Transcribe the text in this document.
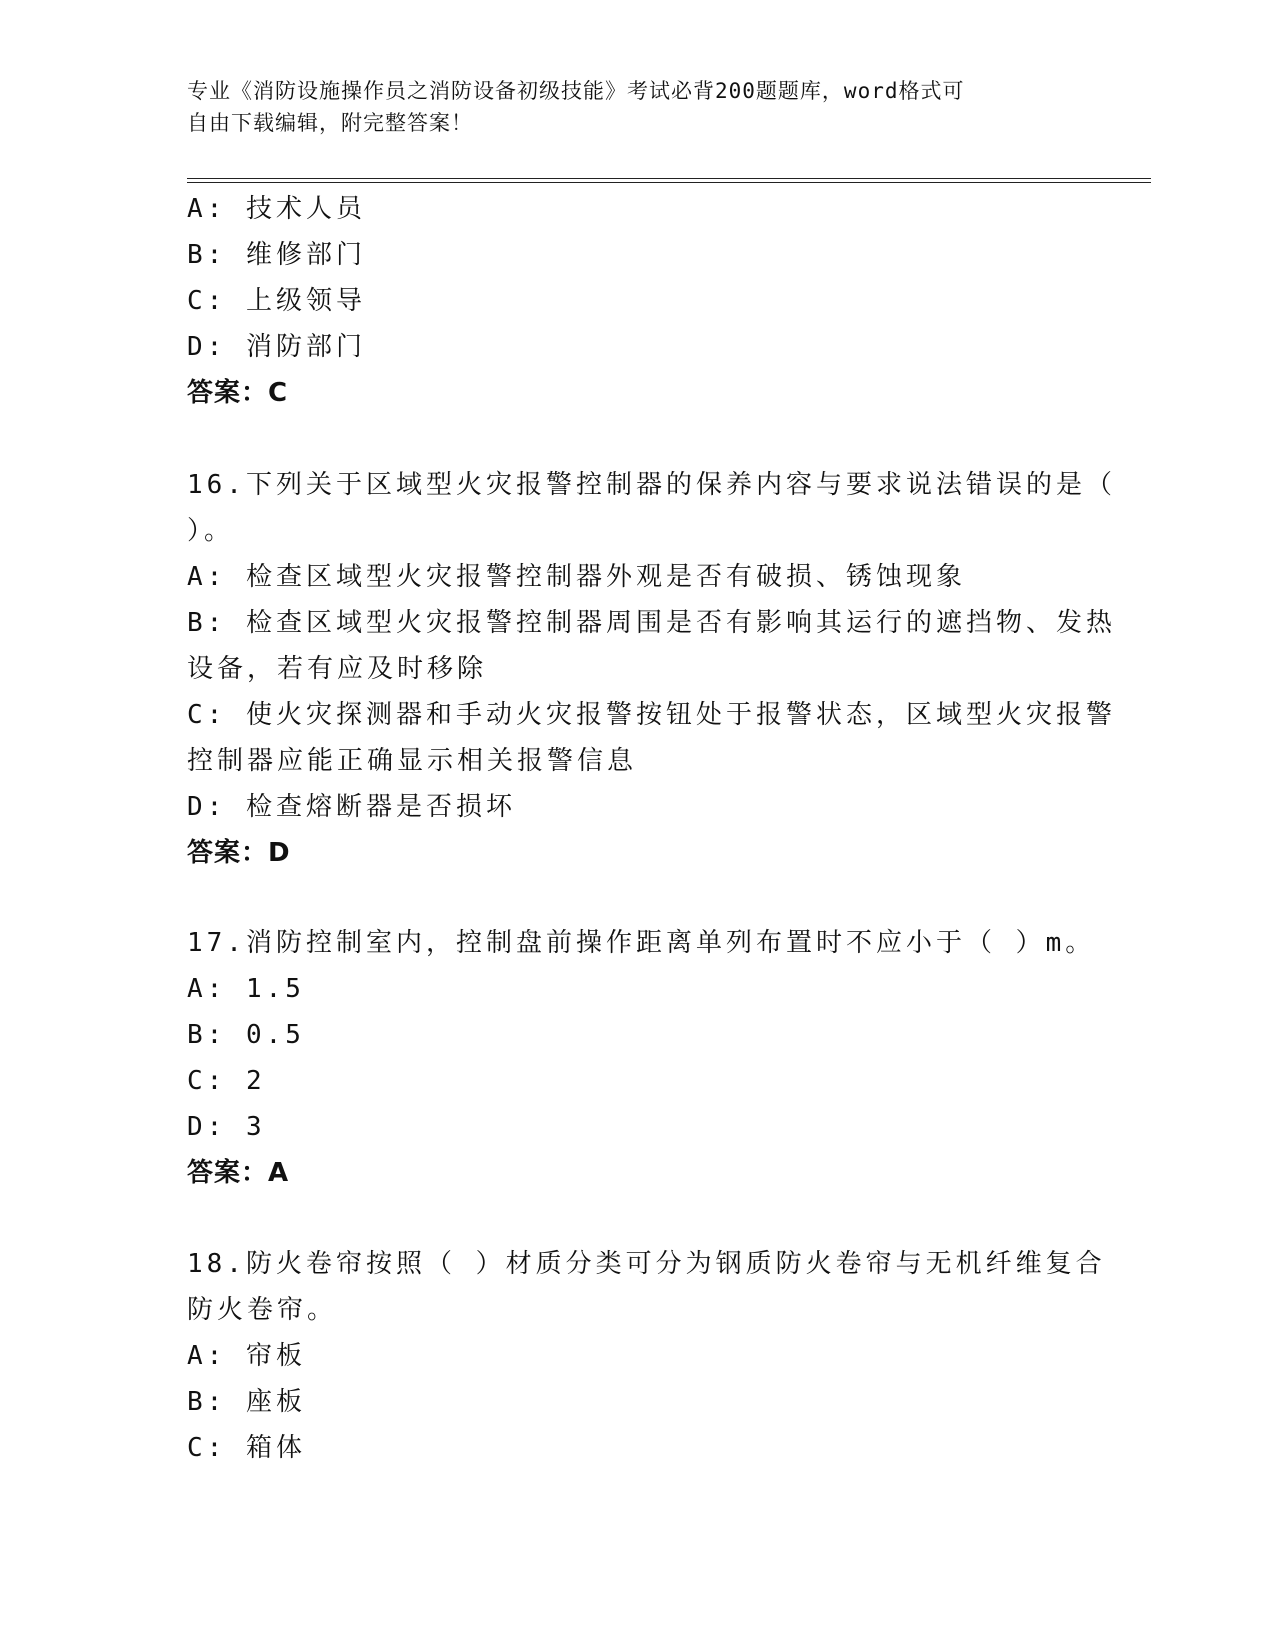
专业《消防设施操作员之消防设备初级技能》考试必背200题题库，word格式可
自由下载编辑，附完整答案！
A: 技术人员
B: 维修部门
C: 上级领导
D: 消防部门
答案：C
16.下列关于区域型火灾报警控制器的保养内容与要求说法错误的是（
）。
A: 检查区域型火灾报警控制器外观是否有破损、锈蚀现象
B: 检查区域型火灾报警控制器周围是否有影响其运行的遮挡物、发热
设备，若有应及时移除
C: 使火灾探测器和手动火灾报警按钮处于报警状态，区域型火灾报警
控制器应能正确显示相关报警信息
D: 检查熔断器是否损坏
答案：D
17.消防控制室内，控制盘前操作距离单列布置时不应小于（ ）m。
A: 1.5
B: 0.5
C: 2
D: 3
答案：A
18.防火卷帘按照（ ）材质分类可分为钢质防火卷帘与无机纤维复合
防火卷帘。
A: 帘板
B: 座板
C: 箱体
